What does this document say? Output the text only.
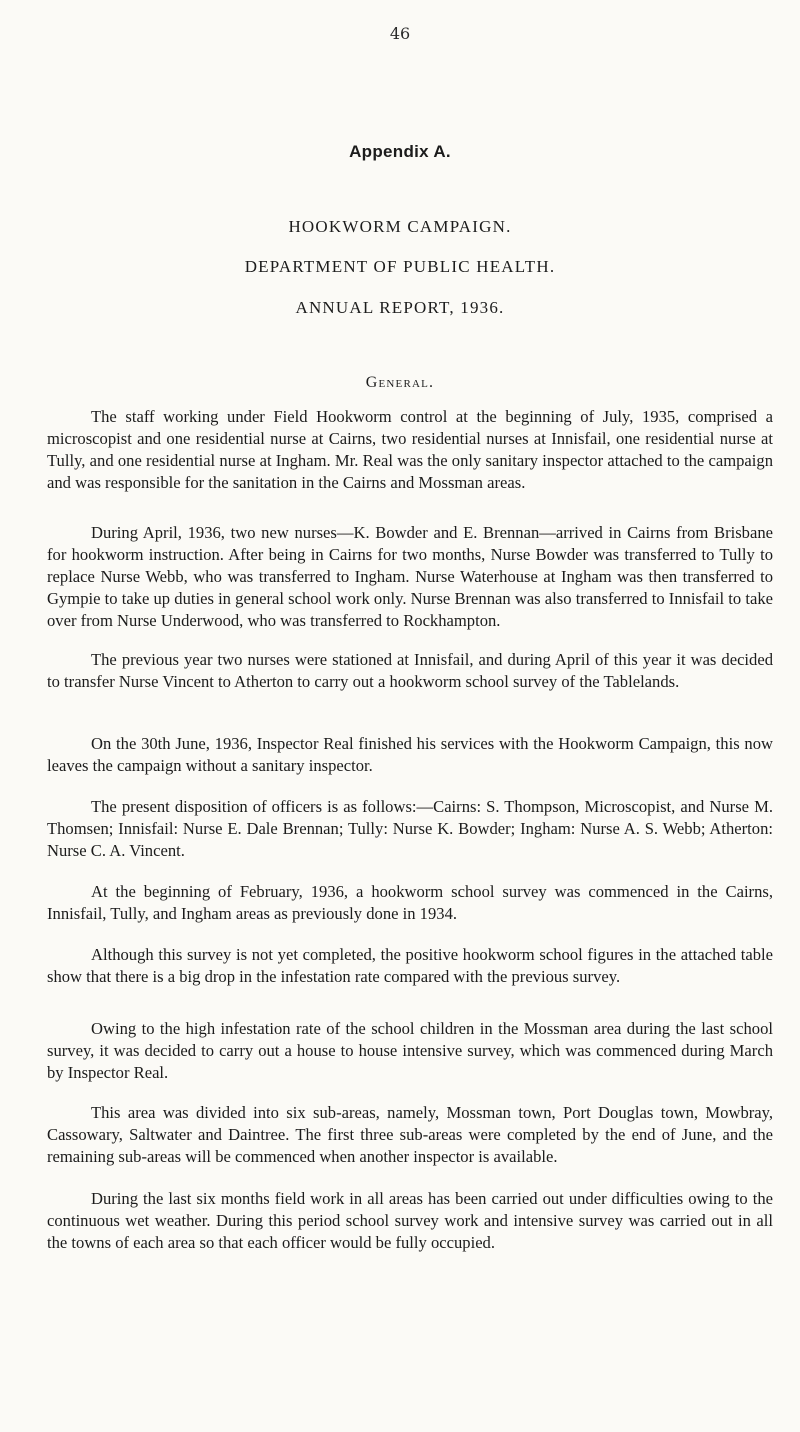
46
Appendix A.
HOOKWORM CAMPAIGN.
DEPARTMENT OF PUBLIC HEALTH.
ANNUAL REPORT, 1936.
General.

The staff working under Field Hookworm control at the beginning of July, 1935, comprised a microscopist and one residential nurse at Cairns, two residential nurses at Innisfail, one residential nurse at Tully, and one residential nurse at Ingham. Mr. Real was the only sanitary inspector attached to the campaign and was responsible for the sanitation in the Cairns and Mossman areas.

During April, 1936, two new nurses—K. Bowder and E. Brennan—arrived in Cairns from Brisbane for hookworm instruction. After being in Cairns for two months, Nurse Bowder was transferred to Tully to replace Nurse Webb, who was transferred to Ingham. Nurse Waterhouse at Ingham was then transferred to Gympie to take up duties in general school work only. Nurse Brennan was also transferred to Innisfail to take over from Nurse Underwood, who was transferred to Rockhampton.

The previous year two nurses were stationed at Innisfail, and during April of this year it was decided to transfer Nurse Vincent to Atherton to carry out a hookworm school survey of the Tablelands.

On the 30th June, 1936, Inspector Real finished his services with the Hookworm Campaign, this now leaves the campaign without a sanitary inspector.

The present disposition of officers is as follows:—Cairns: S. Thompson, Microscopist, and Nurse M. Thomsen; Innisfail: Nurse E. Dale Brennan; Tully: Nurse K. Bowder; Ingham: Nurse A. S. Webb; Atherton: Nurse C. A. Vincent.

At the beginning of February, 1936, a hookworm school survey was commenced in the Cairns, Innisfail, Tully, and Ingham areas as previously done in 1934.

Although this survey is not yet completed, the positive hookworm school figures in the attached table show that there is a big drop in the infestation rate compared with the previous survey.

Owing to the high infestation rate of the school children in the Mossman area during the last school survey, it was decided to carry out a house to house intensive survey, which was commenced during March by Inspector Real.

This area was divided into six sub-areas, namely, Mossman town, Port Douglas town, Mowbray, Cassowary, Saltwater and Daintree. The first three sub-areas were completed by the end of June, and the remaining sub-areas will be commenced when another inspector is available.

During the last six months field work in all areas has been carried out under difficulties owing to the continuous wet weather. During this period school survey work and intensive survey was carried out in all the towns of each area so that each officer would be fully occupied.
